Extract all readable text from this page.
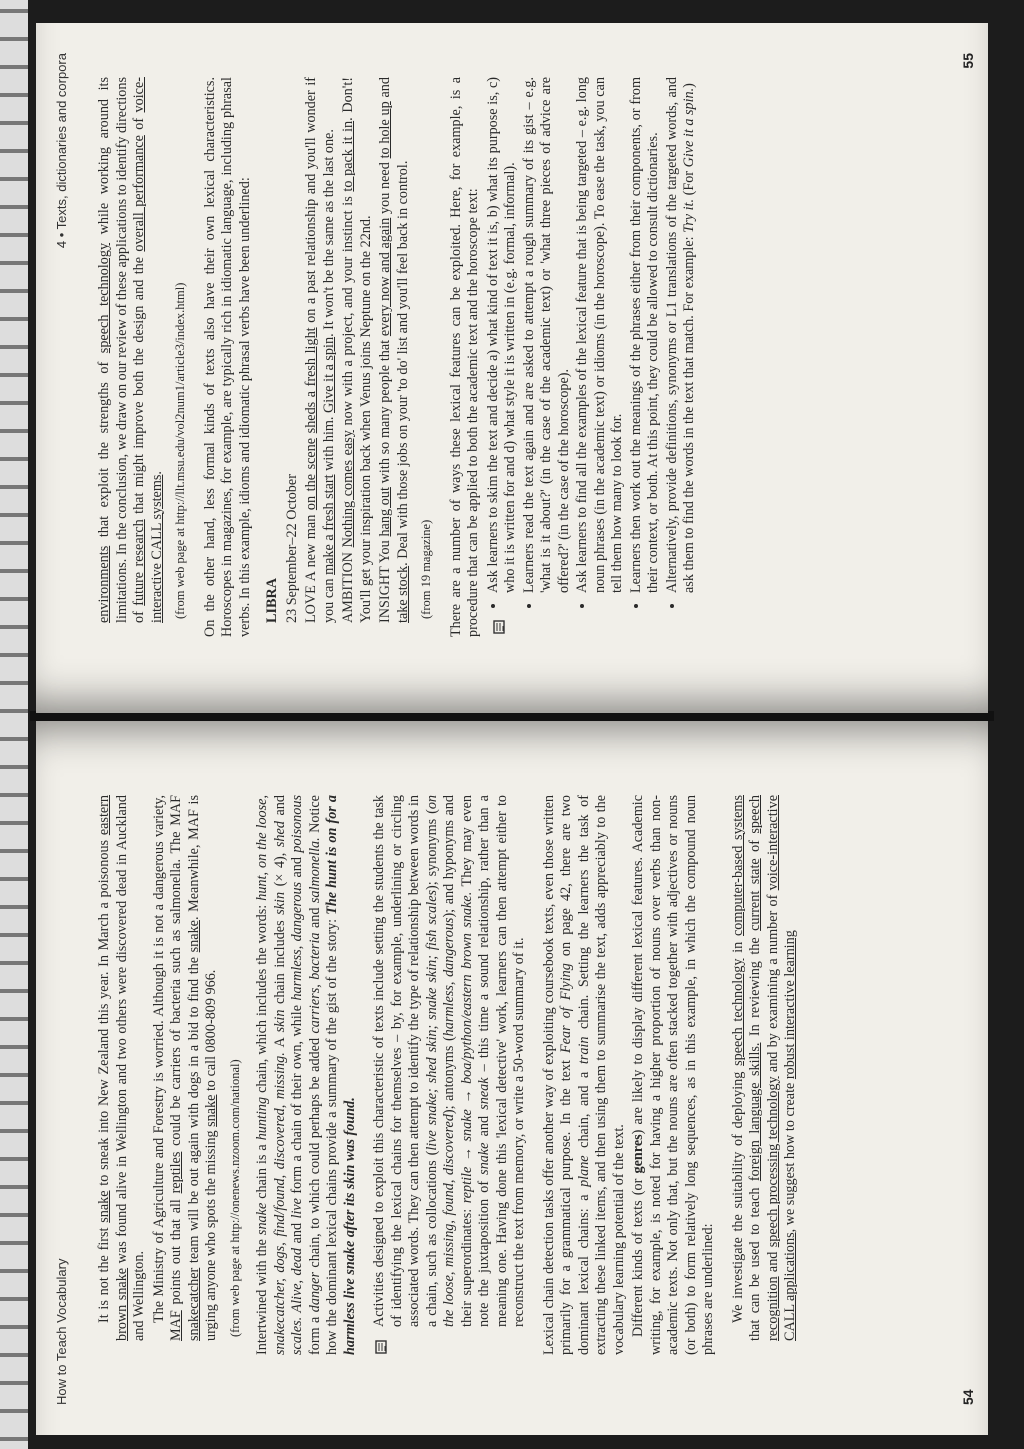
How to Teach Vocabulary It is not the first snake to sneak into New Zealand this year. In March a poisonous eastern brown snake was found alive in Wellington and two others were discovered dead in Auckland and Wellington. The Ministry of Agriculture and Forestry is worried. Although it is not a dangerous variety, MAF points out that all reptiles could be carriers of bacteria such as salmonella. The MAF snakecatcher team will be out again with dogs in a bid to find the snake. Meanwhile, MAF is urging anyone who spots the missing snake to call 0800-809 966.

(from web page at http://onenews.nzoom.com/national) Intertwined with the snake chain is a hunting chain, which includes the words: hunt, on the loose, snakecatcher, dogs, find/found, discovered, missing. A skin chain includes skin (× 4), shed and scales. Alive, dead and live form a chain of their own, while harmless, dangerous and poisonous form a danger chain, to which could perhaps be added carriers, bacteria and salmonella. Notice how the dominant lexical chains provide a summary of the gist of the story: The hunt is on for a harmless live snake after its skin was found. Activities designed to exploit this characteristic of texts include setting the students the task of identifying the lexical chains for themselves – by, for example, underlining or circling associated words. They can then attempt to identify the type of relationship between words in a chain, such as collocations (live snake; shed skin; snake skin; fish scales); synonyms (on the loose, missing, found, discovered); antonyms (harmless, dangerous); and hyponyms and their superordinates: reptile → snake → boa/python/eastern brown snake. They may even note the juxtaposition of snake and sneak – this time a sound relationship, rather than a meaning one. Having done this 'lexical detective' work, learners can then attempt either to reconstruct the text from memory, or write a 50-word summary of it. Lexical chain detection tasks offer another way of exploiting coursebook texts, even those written primarily for a grammatical purpose. In the text Fear of Flying on page 42, there are two dominant lexical chains: a plane chain, and a train chain. Setting the learners the task of extracting these linked items, and then using them to summarise the text, adds appreciably to the vocabulary learning potential of the text. Different kinds of texts (or genres) are likely to display different lexical features. Academic writing, for example, is noted for having a higher proportion of nouns over verbs than non-academic texts. Not only that, but the nouns are often stacked together with adjectives or nouns (or both) to form relatively long sequences, as in this example, in which the compound noun phrases are underlined: We investigate the suitability of deploying speech technology in computer-based systems that can be used to teach foreign language skills. In reviewing the current state of speech recognition and speech processing technology and by examining a number of voice-interactive CALL applications, we suggest how to create robust interactive learning

54
4 • Texts, dictionaries and corpora

environments that exploit the strengths of speech technology while working around its limitations. In the conclusion, we draw on our review of these applications to identify directions of future research that might improve both the design and the overall performance of voice-interactive CALL systems. (from web page at http://llt.msu.edu/vol2num1/article3/index.html) On the other hand, less formal kinds of texts also have their own lexical characteristics. Horoscopes in magazines, for example, are typically rich in idiomatic language, including phrasal verbs. In this example, idioms and idiomatic phrasal verbs have been underlined: LIBRA 23 September–22 October LOVE A new man on the scene sheds a fresh light on a past relationship and you'll wonder if you can make a fresh start with him. Give it a spin. It won't be the same as the last one.

AMBITION Nothing comes easy now with a project, and your instinct is to pack it in. Don't! You'll get your inspiration back when Venus joins Neptune on the 22nd. INSIGHT You hang out with so many people that every now and again you need to hole up and take stock. Deal with those jobs on your 'to do' list and you'll feel back in control.

(from 19 magazine) There are a number of ways these lexical features can be exploited. Here, for example, is a procedure that can be applied to both the academic text and the horoscope text: • Ask learners to skim the text and decide a) what kind of text it is, b) what its purpose is, c) who it is written for and d) what style it is written in (e.g. formal, informal). • Learners read the text again and are asked to attempt a rough summary of its gist – e.g. 'what is it about?' (in the case of the academic text) or 'what three pieces of advice are offered?' (in the case of the horoscope). • Ask learners to find all the examples of the lexical feature that is being targeted – e.g. long noun phrases (in the academic text) or idioms (in the horoscope). To ease the task, you can tell them how many to look for. • Learners then work out the meanings of the phrases either from their components, or from their context, or both. At this point, they could be allowed to consult dictionaries. • Alternatively, provide definitions, synonyms or L1 translations of the targeted words, and ask them to find the words in the text that match. For example: Try it. (For Give it a spin.)
55
